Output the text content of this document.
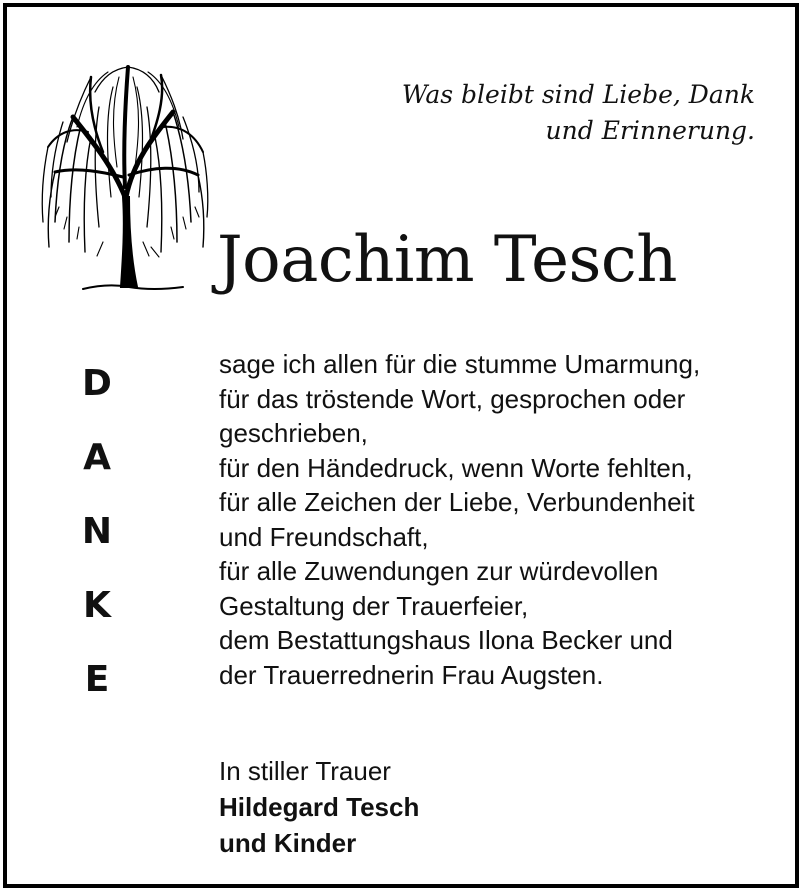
Was bleibt sind Liebe, Dank
und Erinnerung.
Joachim Tesch
D
A
N
K
E
sage ich allen für die stumme Umarmung,
für das tröstende Wort, gesprochen oder
geschrieben,
für den Händedruck, wenn Worte fehlten,
für alle Zeichen der Liebe, Verbundenheit
und Freundschaft,
für alle Zuwendungen zur würdevollen
Gestaltung der Trauerfeier,
dem Bestattungshaus Ilona Becker und
der Trauerrednerin Frau Augsten.
In stiller Trauer
Hildegard Tesch
und Kinder
